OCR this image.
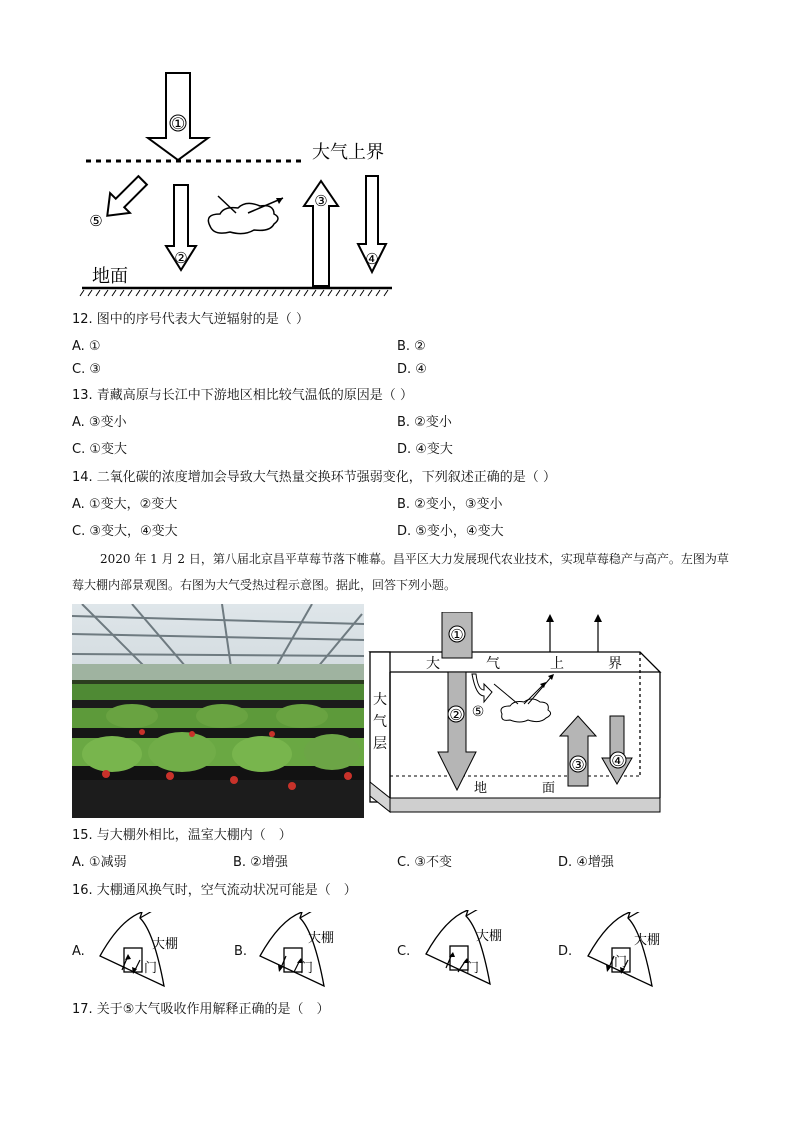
大气上界
①
⑤
②
③
④
地面
12. 图中的序号代表大气逆辐射的是（ ）
A. ①	B. ②
C. ③	D. ④
13. 青藏高原与长江中下游地区相比较气温低的原因是（ ）
A. ③变小	B. ②变小
C. ①变大	D. ④变大
14. 二氧化碳的浓度增加会导致大气热量交换环节强弱变化，下列叙述正确的是（ ）
A. ①变大，②变大	B. ②变小，③变小
C. ③变大，④变大	D. ⑤变小，④变大
2020 年 1 月 2 日，第八届北京昌平草莓节落下帷幕。昌平区大力发展现代农业技术，实现草莓稳产与高产。左图为草莓大棚内部景观图。右图为大气受热过程示意图。据此，回答下列小题。
大	气	上	界
大
气
层
地	面
①
② ⑤
③ ④
15. 与大棚外相比，温室大棚内（　）
A. ①减弱	B. ②增强	C. ③不变	D. ④增强
16. 大棚通风换气时，空气流动状况可能是（　）
A.	大棚
门
B.
大棚
门
C.
大棚
门
D.
大棚
门
17. 关于⑤大气吸收作用解释正确的是（　）
